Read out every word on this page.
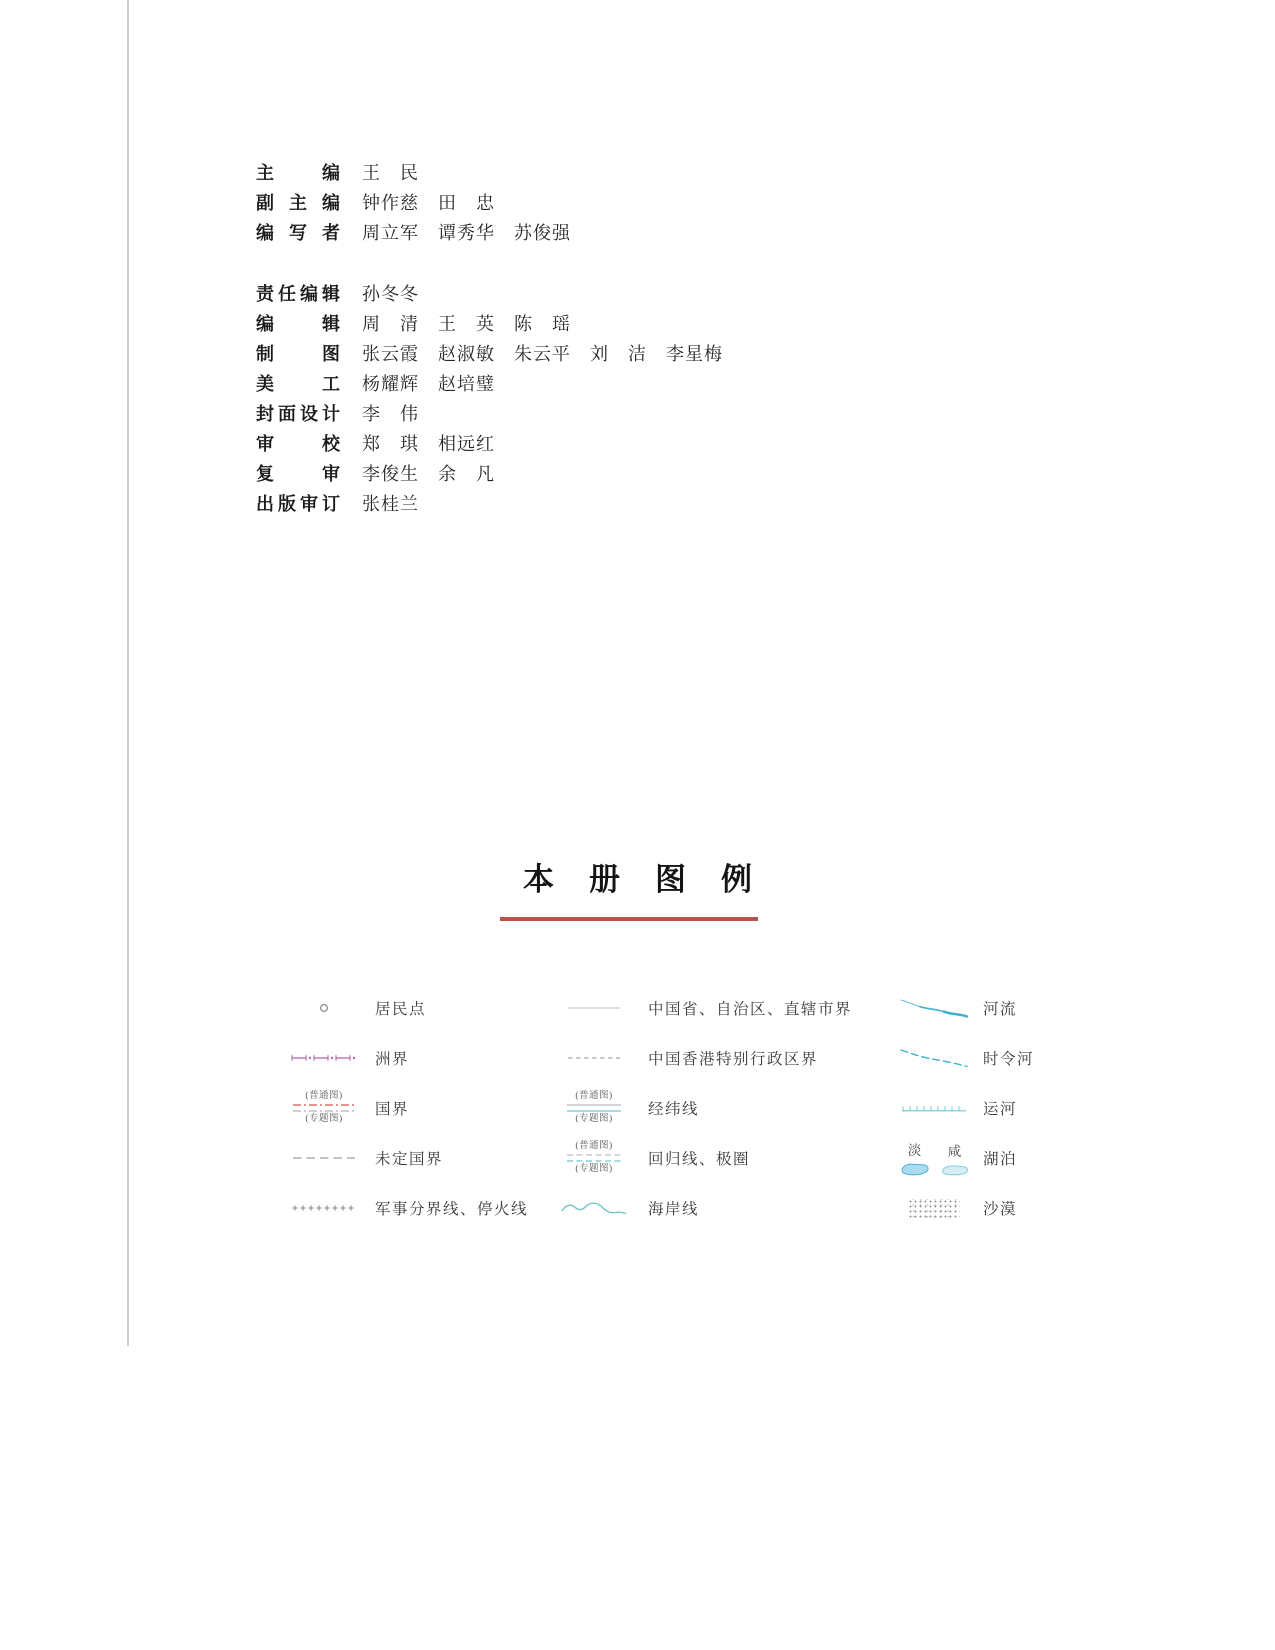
主编 王　民
副主编 钟作慈　田　忠
编写者 周立军　谭秀华　苏俊强
责任编辑 孙冬冬
编辑 周　清　王　英　陈　瑶
制图 张云霞　赵淑敏　朱云平　刘　洁　李星梅
美工 杨耀辉　赵培璧
封面设计 李　伟
审校 郑　琪　相远红
复审 李俊生　余　凡
出版审订 张桂兰
本册图例
居民点
洲界
(普通图)
(专题图)
国界
未定国界
军事分界线、停火线
中国省、自治区、直辖市界
中国香港特别行政区界
(普通图)
(专题图)
经纬线
(普通图)
(专题图)
回归线、极圈
海岸线
河流
时令河
运河
淡 咸 湖泊
沙漠
